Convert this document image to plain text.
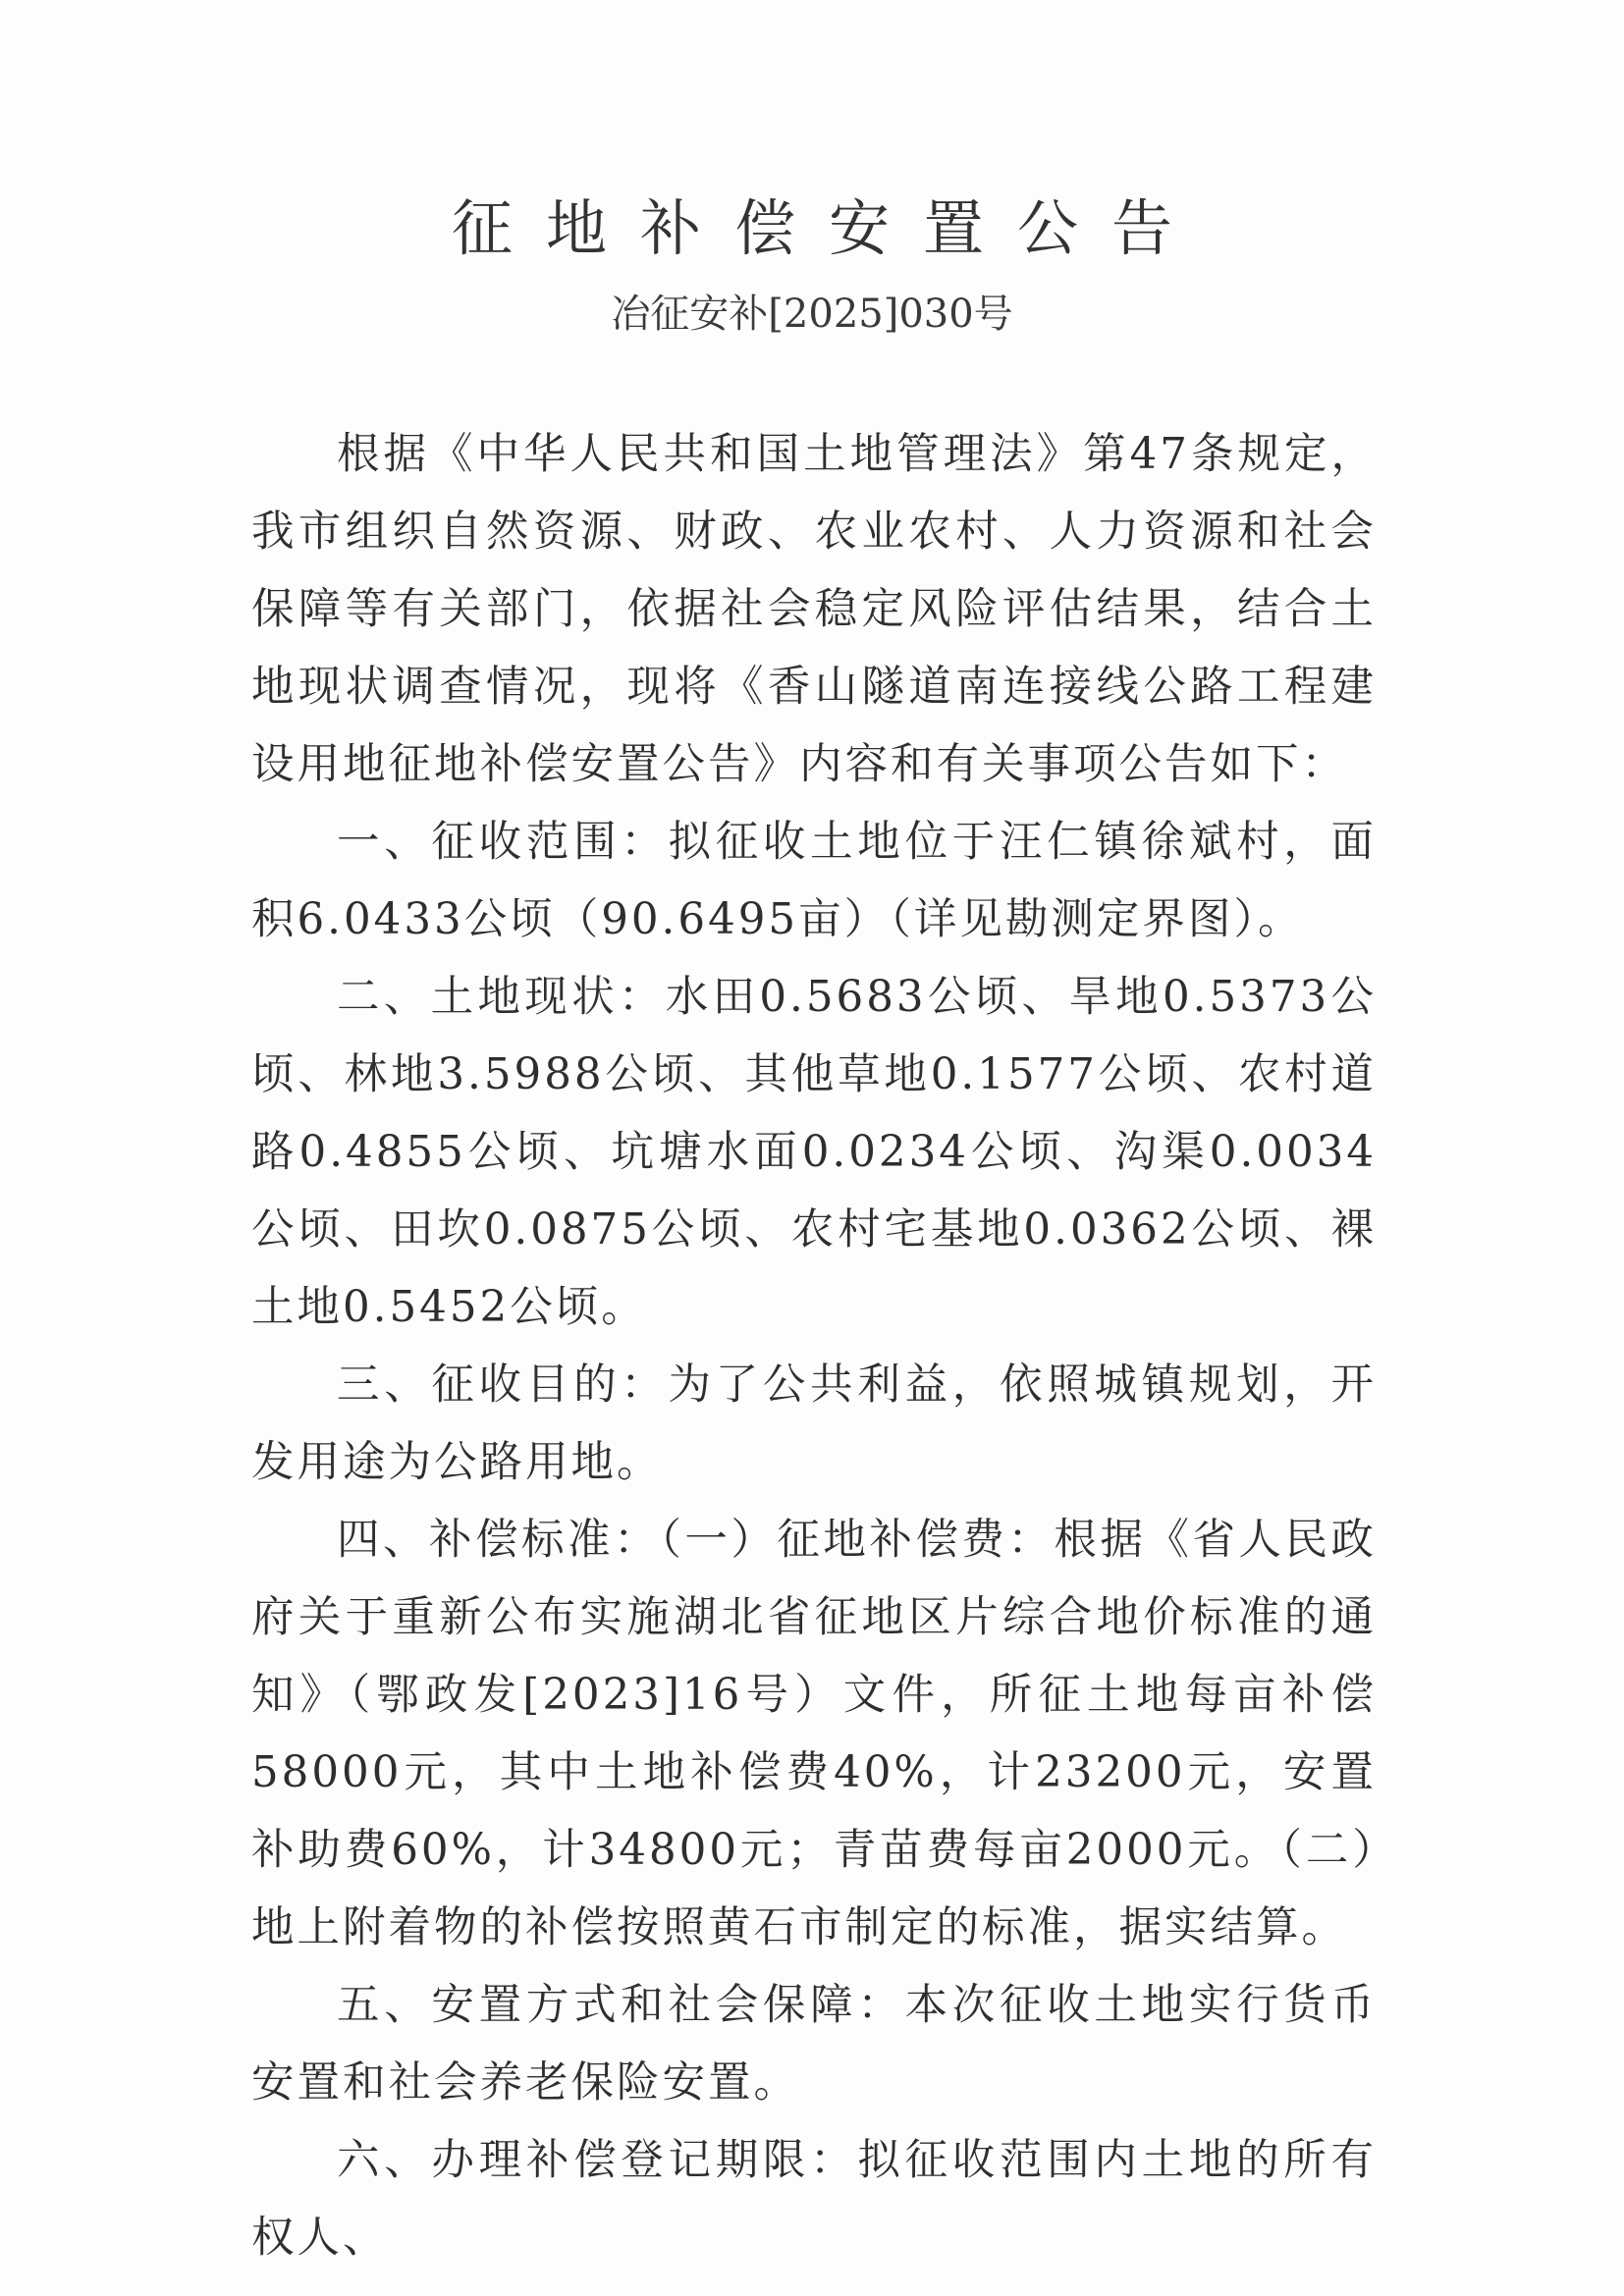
征地补偿安置公告
冶征安补[2025]030号

根据《中华人民共和国土地管理法》第47条规定，我市组织自然资源、财政、农业农村、人力资源和社会保障等有关部门，依据社会稳定风险评估结果，结合土地现状调查情况，现将《香山隧道南连接线公路工程建设用地征地补偿安置公告》内容和有关事项公告如下：

一、征收范围：拟征收土地位于汪仁镇徐斌村，面积6.0433公顷（90.6495亩）（详见勘测定界图）。

二、土地现状：水田0.5683公顷、旱地0.5373公顷、林地3.5988公顷、其他草地0.1577公顷、农村道路0.4855公顷、坑塘水面0.0234公顷、沟渠0.0034公顷、田坎0.0875公顷、农村宅基地0.0362公顷、裸土地0.5452公顷。

三、征收目的：为了公共利益，依照城镇规划，开发用途为公路用地。

四、补偿标准：（一）征地补偿费：根据《省人民政府关于重新公布实施湖北省征地区片综合地价标准的通知》（鄂政发[2023]16号）文件，所征土地每亩补偿58000元，其中土地补偿费40%，计23200元，安置补助费60%，计34800元；青苗费每亩2000元。（二）地上附着物的补偿按照黄石市制定的标准，据实结算。

五、安置方式和社会保障：本次征收土地实行货币安置和社会养老保险安置。

六、办理补偿登记期限：拟征收范围内土地的所有权人、
